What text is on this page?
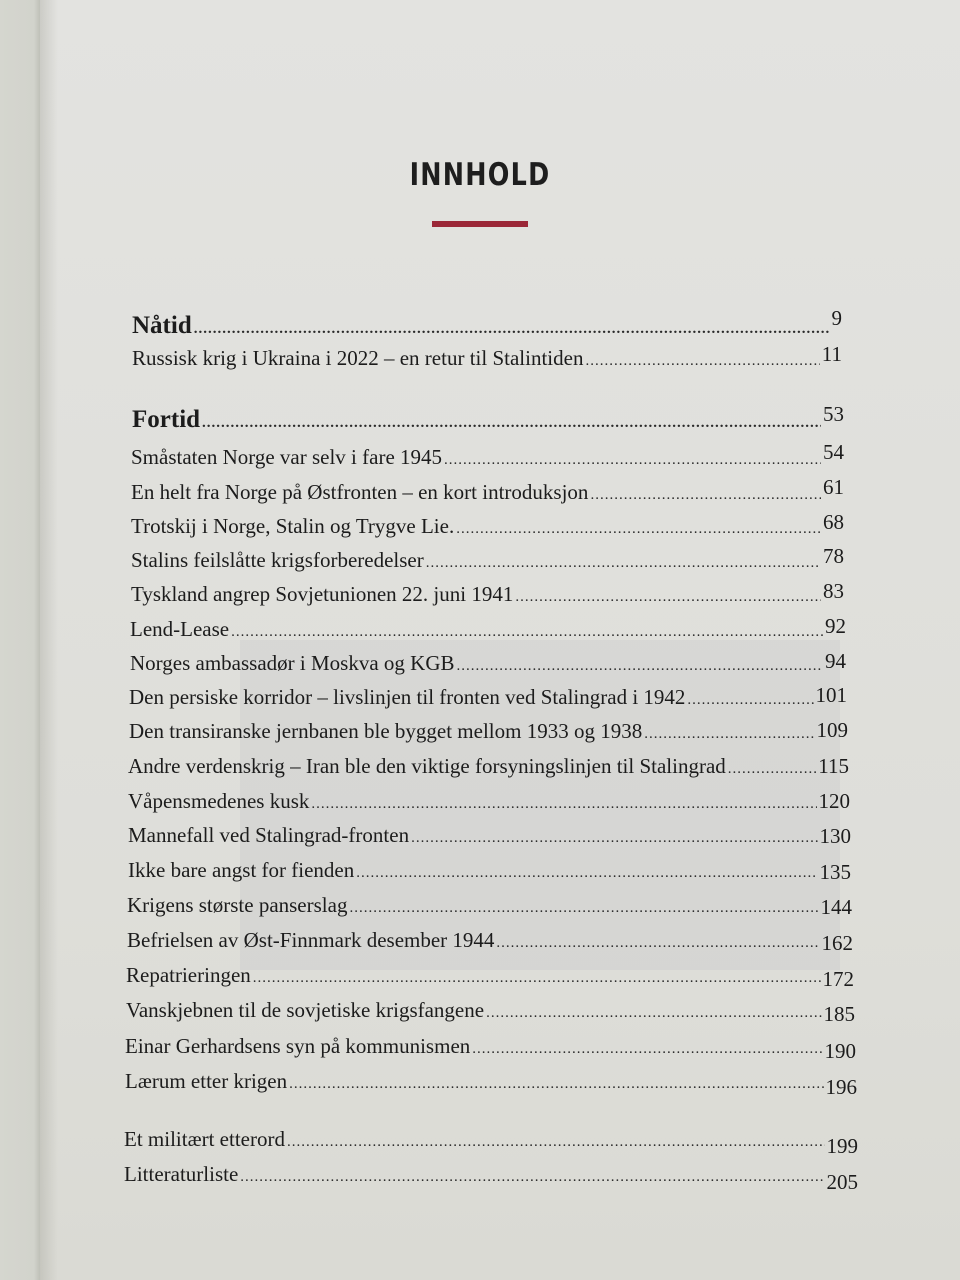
INNHOLD
Nåtid .....	9
Russisk krig i Ukraina i 2022 – en retur til Stalintiden .....	11
Fortid .....	53
Småstaten Norge var selv i fare 1945 .....	54
En helt fra Norge på Østfronten – en kort introduksjon .....	61
Trotskij i Norge, Stalin og Trygve Lie. .....	68
Stalins feilslåtte krigsforberedelser .....	78
Tyskland angrep Sovjetunionen 22. juni 1941 .....	83
Lend-Lease .....	92
Norges ambassadør i Moskva og KGB .....	94
Den persiske korridor – livslinjen til fronten ved Stalingrad i 1942 .....	101
Den transiranske jernbanen ble bygget mellom 1933 og 1938 .....	109
Andre verdenskrig – Iran ble den viktige forsyningslinjen til Stalingrad .....	115
Våpensmedenes kusk .....	120
Mannefall ved Stalingrad-fronten .....	130
Ikke bare angst for fienden .....	135
Krigens største panserslag .....	144
Befrielsen av Øst-Finnmark desember 1944 .....	162
Repatrieringen .....	172
Vanskjebnen til de sovjetiske krigsfangene .....	185
Einar Gerhardsens syn på kommunismen .....	190
Lærum etter krigen .....	196
Et militært etterord .....	199
Litteraturliste .....	205
